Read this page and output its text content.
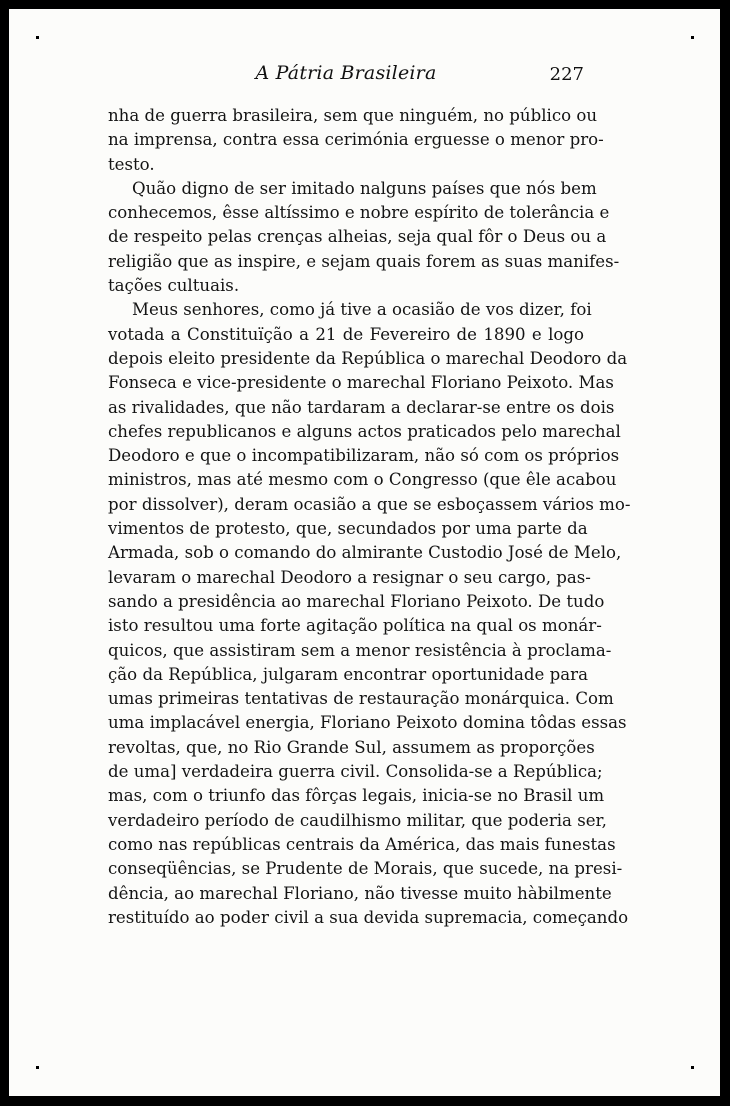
A Pátria Brasileira	227

nha de guerra brasileira, sem que ninguém, no público ou
na imprensa, contra essa cerimónia erguesse o menor pro-
testo.

Quão digno de ser imitado nalguns países que nós bem
conhecemos, êsse altíssimo e nobre espírito de tolerância e
de respeito pelas crenças alheias, seja qual fôr o Deus ou a
religião que as inspire, e sejam quais forem as suas manifes-
tações cultuais.

Meus senhores, como já tive a ocasião de vos dizer, foi
votada a Constituïção a 21 de Fevereiro de 1890 e logo
depois eleito presidente da República o marechal Deodoro da
Fonseca e vice-presidente o marechal Floriano Peixoto. Mas
as rivalidades, que não tardaram a declarar-se entre os dois
chefes republicanos e alguns actos praticados pelo marechal
Deodoro e que o incompatibilizaram, não só com os próprios
ministros, mas até mesmo com o Congresso (que êle acabou
por dissolver), deram ocasião a que se esboçassem vários mo-
vimentos de protesto, que, secundados por uma parte da
Armada, sob o comando do almirante Custodio José de Melo,
levaram o marechal Deodoro a resignar o seu cargo, pas-
sando a presidência ao marechal Floriano Peixoto. De tudo
isto resultou uma forte agitação política na qual os monár-
quicos, que assistiram sem a menor resistência à proclama-
ção da República, julgaram encontrar oportunidade para
umas primeiras tentativas de restauração monárquica. Com
uma implacável energia, Floriano Peixoto domina tôdas essas
revoltas, que, no Rio Grande Sul, assumem as proporções
de uma] verdadeira guerra civil. Consolida-se a República;
mas, com o triunfo das fôrças legais, inicia-se no Brasil um
verdadeiro período de caudilhismo militar, que poderia ser,
como nas repúblicas centrais da América, das mais funestas
conseqüências, se Prudente de Morais, que sucede, na presi-
dência, ao marechal Floriano, não tivesse muito hàbilmente
restituído ao poder civil a sua devida supremacia, começando
